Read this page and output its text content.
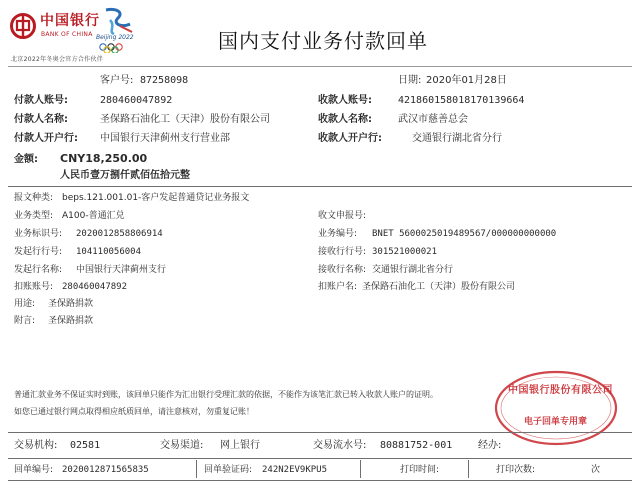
中国银行
BANK OF CHINA Beijing 2022
北京2022年冬奥会官方合作伙伴
国内支付业务付款回单
客户号: 87258098	日期: 2020年01月28日
付款人账号:	280460047892	收款人账号:	421860158018170139664
付款人名称:	圣保路石油化工（天津）股份有限公司	收款人名称:	武汉市慈善总会
付款人开户行: 中国银行天津蓟州支行营业部	收款人开户行:	交通银行湖北省分行
金额: CNY18,250.00
人民币壹万捌仟贰佰伍拾元整
报文种类: beps.121.001.01-客户发起普通贷记业务报文
业务类型: A100-普通汇兑	收文申报号:
业务标识号: 2020012858806914	业务编号: BNET 5600025019489567/000000000000
发起行行号: 104110056004	接收行行号: 301521000021
发起行名称: 中国银行天津蓟州支行	接收行名称: 交通银行湖北省分行
扣账账号: 280460047892	扣账户名: 圣保路石油化工（天津）股份有限公司
用途: 圣保路捐款
附言: 圣保路捐款
普通汇款业务不保证实时到账，该回单只能作为汇出银行受理汇款的依据，不能作为该笔汇款已转入收款人账户的证明。
如您已通过银行网点取得相应纸质回单，请注意核对，勿重复记账！
中国银行股份有限公司
电子回单专用章
交易机构: 02581	交易渠道: 网上银行	交易流水号: 80881752-001	经办:
回单编号: 2020012871565835	回单验证码: 242N2EV9KPU5	打印时间:	打印次数:	次
